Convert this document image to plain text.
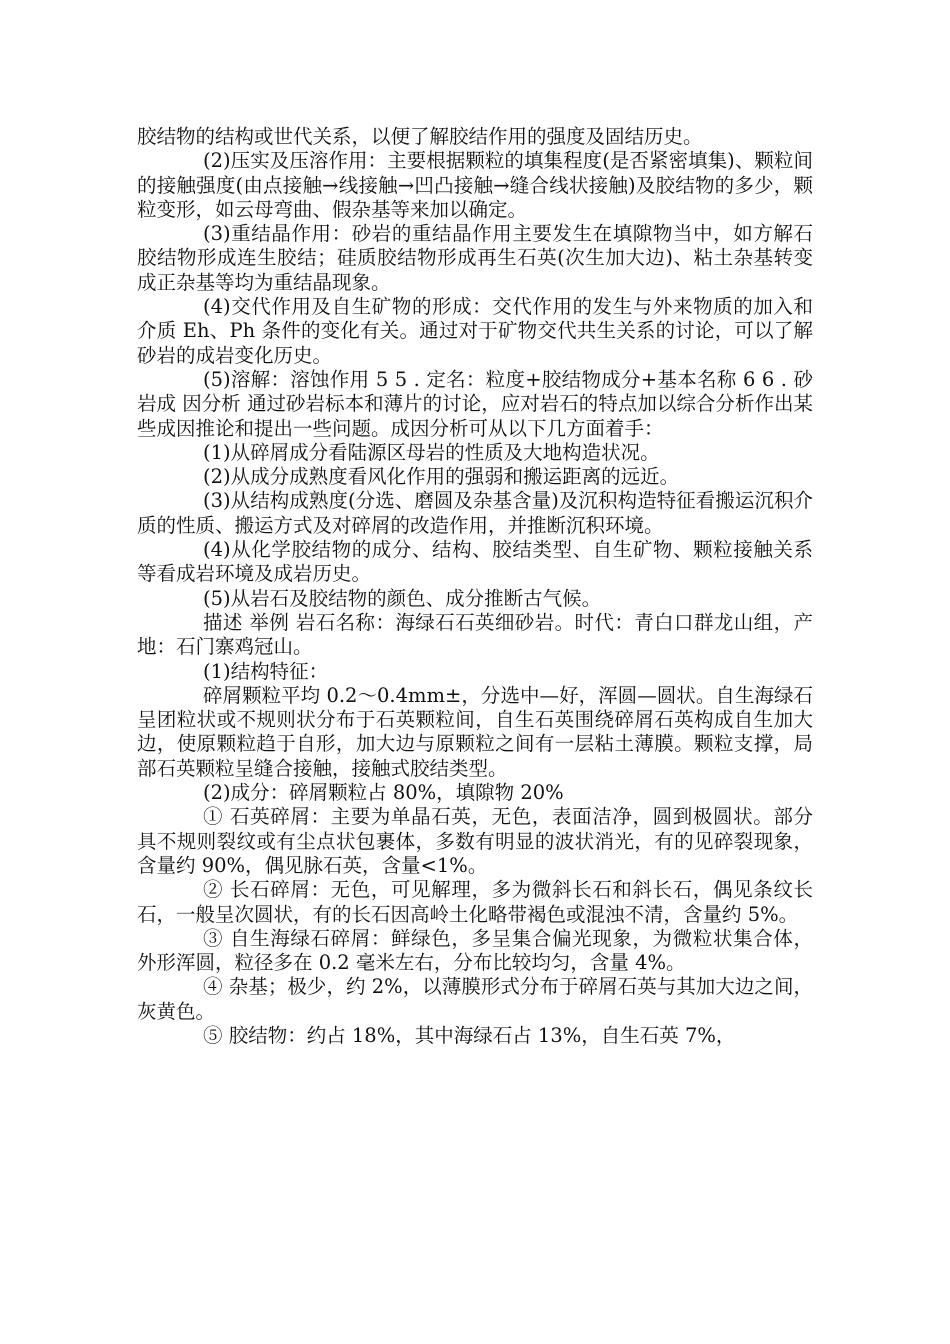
胶结物的结构或世代关系，以便了解胶结作用的强度及固结历史。

(2)压实及压溶作用：主要根据颗粒的填集程度(是否紧密填集)、颗粒间的接触强度(由点接触→线接触→凹凸接触→缝合线状接触)及胶结物的多少，颗粒变形，如云母弯曲、假杂基等来加以确定。

(3)重结晶作用：砂岩的重结晶作用主要发生在填隙物当中，如方解石胶结物形成连生胶结；硅质胶结物形成再生石英(次生加大边)、粘土杂基转变成正杂基等均为重结晶现象。

(4)交代作用及自生矿物的形成：交代作用的发生与外来物质的加入和介质 Eh、Ph 条件的变化有关。通过对于矿物交代共生关系的讨论，可以了解砂岩的成岩变化历史。

(5)溶解：溶蚀作用 5 5 . 定名：粒度+胶结物成分+基本名称 6 6 . 砂岩成 因分析 通过砂岩标本和薄片的讨论，应对岩石的特点加以综合分析作出某些成因推论和提出一些问题。成因分析可从以下几方面着手：

(1)从碎屑成分看陆源区母岩的性质及大地构造状况。

(2)从成分成熟度看风化作用的强弱和搬运距离的远近。

(3)从结构成熟度(分选、磨圆及杂基含量)及沉积构造特征看搬运沉积介质的性质、搬运方式及对碎屑的改造作用，并推断沉积环境。

(4)从化学胶结物的成分、结构、胶结类型、自生矿物、颗粒接触关系等看成岩环境及成岩历史。

(5)从岩石及胶结物的颜色、成分推断古气候。

描述 举例 岩石名称：海绿石石英细砂岩。时代：青白口群龙山组，产地：石门寨鸡冠山。

(1)结构特征：

碎屑颗粒平均 0.2～0.4mm±，分选中—好，浑圆—圆状。自生海绿石呈团粒状或不规则状分布于石英颗粒间，自生石英围绕碎屑石英构成自生加大边，使原颗粒趋于自形，加大边与原颗粒之间有一层粘土薄膜。颗粒支撑，局部石英颗粒呈缝合接触，接触式胶结类型。

(2)成分：碎屑颗粒占 80%，填隙物 20%

① 石英碎屑：主要为单晶石英，无色，表面洁净，圆到极圆状。部分具不规则裂纹或有尘点状包裹体，多数有明显的波状消光，有的见碎裂现象，含量约 90%，偶见脉石英，含量<1%。

② 长石碎屑：无色，可见解理，多为微斜长石和斜长石，偶见条纹长石，一般呈次圆状，有的长石因高岭土化略带褐色或混浊不清，含量约 5%。

③ 自生海绿石碎屑：鲜绿色，多呈集合偏光现象，为微粒状集合体，外形浑圆，粒径多在 0.2 毫米左右，分布比较均匀，含量 4%。

④ 杂基；极少，约 2%，以薄膜形式分布于碎屑石英与其加大边之间，灰黄色。

⑤ 胶结物：约占 18%，其中海绿石占 13%，自生石英 7%，
